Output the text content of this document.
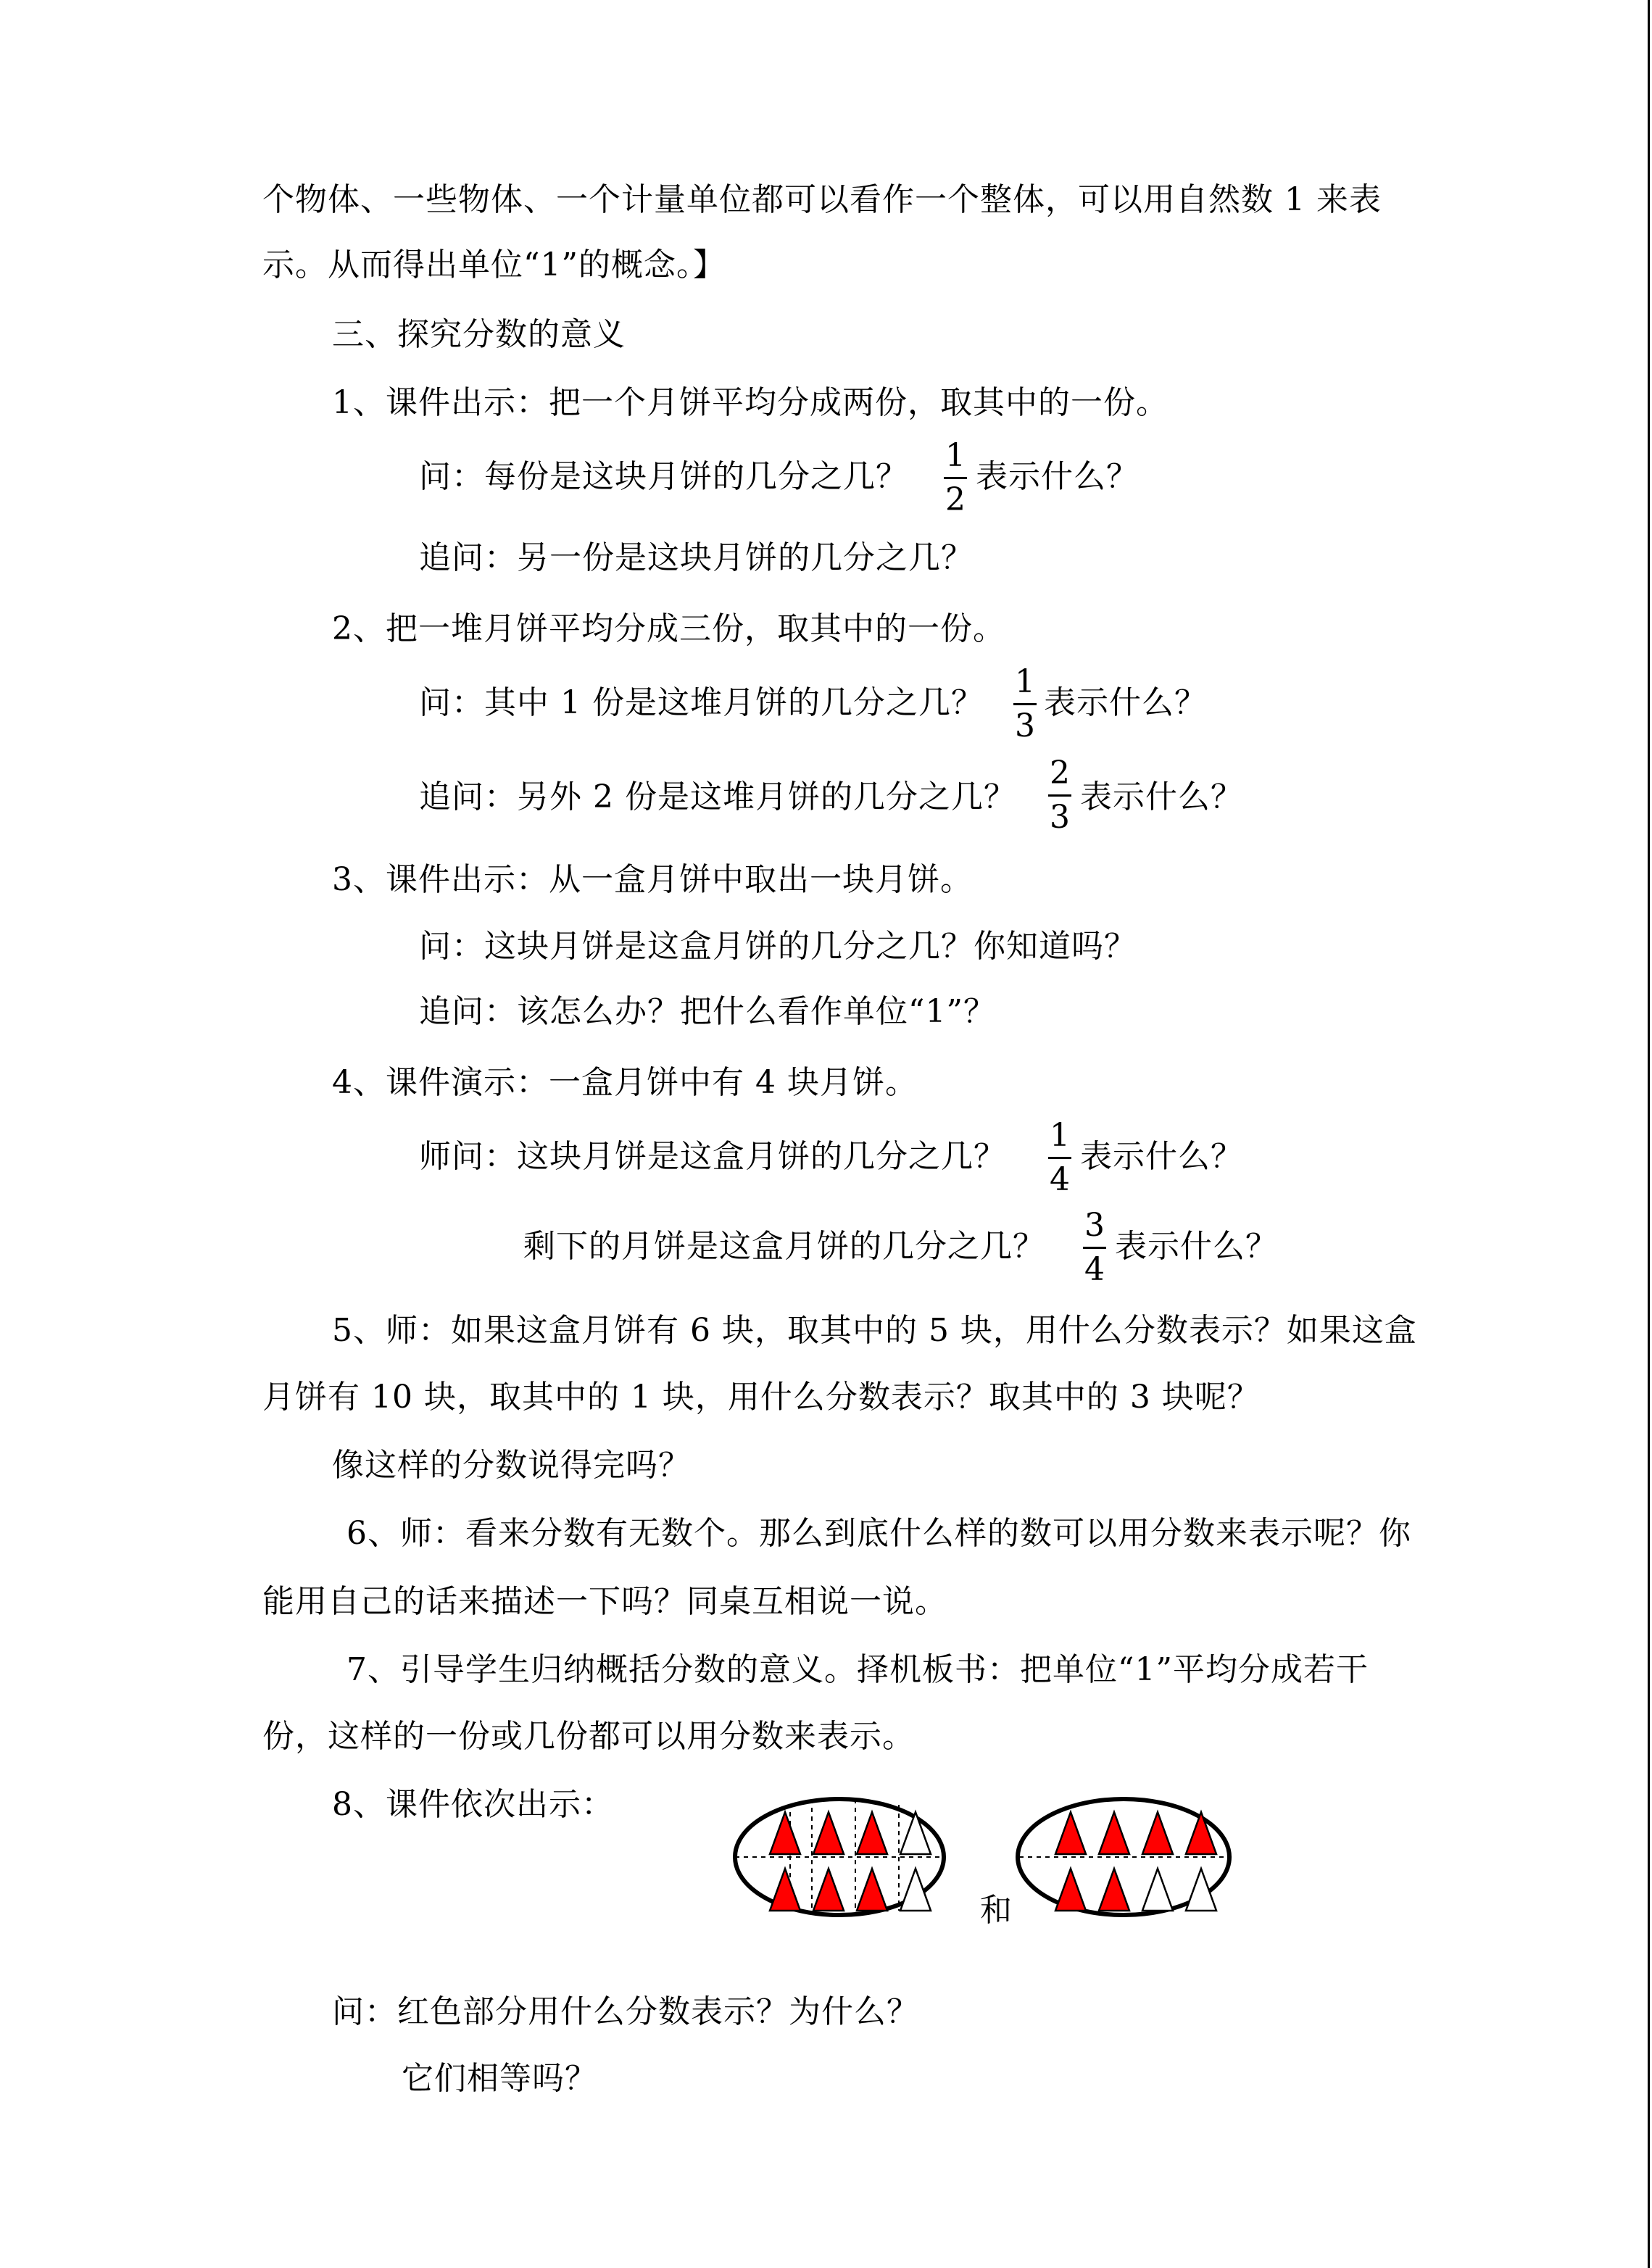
个物体、一些物体、一个计量单位都可以看作一个整体，可以用自然数 1 来表
示。从而得出单位“1”的概念。】
三、探究分数的意义
1、课件出示：把一个月饼平均分成两份，取其中的一份。
问：每份是这块月饼的几分之几？
1
2
表示什么？
追问：另一份是这块月饼的几分之几？
2、把一堆月饼平均分成三份，取其中的一份。
问：其中 1 份是这堆月饼的几分之几？
1
3
表示什么？
追问：另外 2 份是这堆月饼的几分之几？
2
3
表示什么？
3、课件出示：从一盒月饼中取出一块月饼。
问：这块月饼是这盒月饼的几分之几？你知道吗？
追问：该怎么办？把什么看作单位“1”？
4、课件演示：一盒月饼中有 4 块月饼。
师问：这块月饼是这盒月饼的几分之几？
1
4
表示什么？
剩下的月饼是这盒月饼的几分之几？
3
4
表示什么？
5、师：如果这盒月饼有 6 块，取其中的 5 块，用什么分数表示？如果这盒
月饼有 10 块，取其中的 1 块，用什么分数表示？取其中的 3 块呢？
像这样的分数说得完吗？
6、师：看来分数有无数个。那么到底什么样的数可以用分数来表示呢？你
能用自己的话来描述一下吗？同桌互相说一说。
7、引导学生归纳概括分数的意义。择机板书：把单位“1”平均分成若干
份，这样的一份或几份都可以用分数来表示。
8、课件依次出示：
和
问：红色部分用什么分数表示？为什么？
它们相等吗？
